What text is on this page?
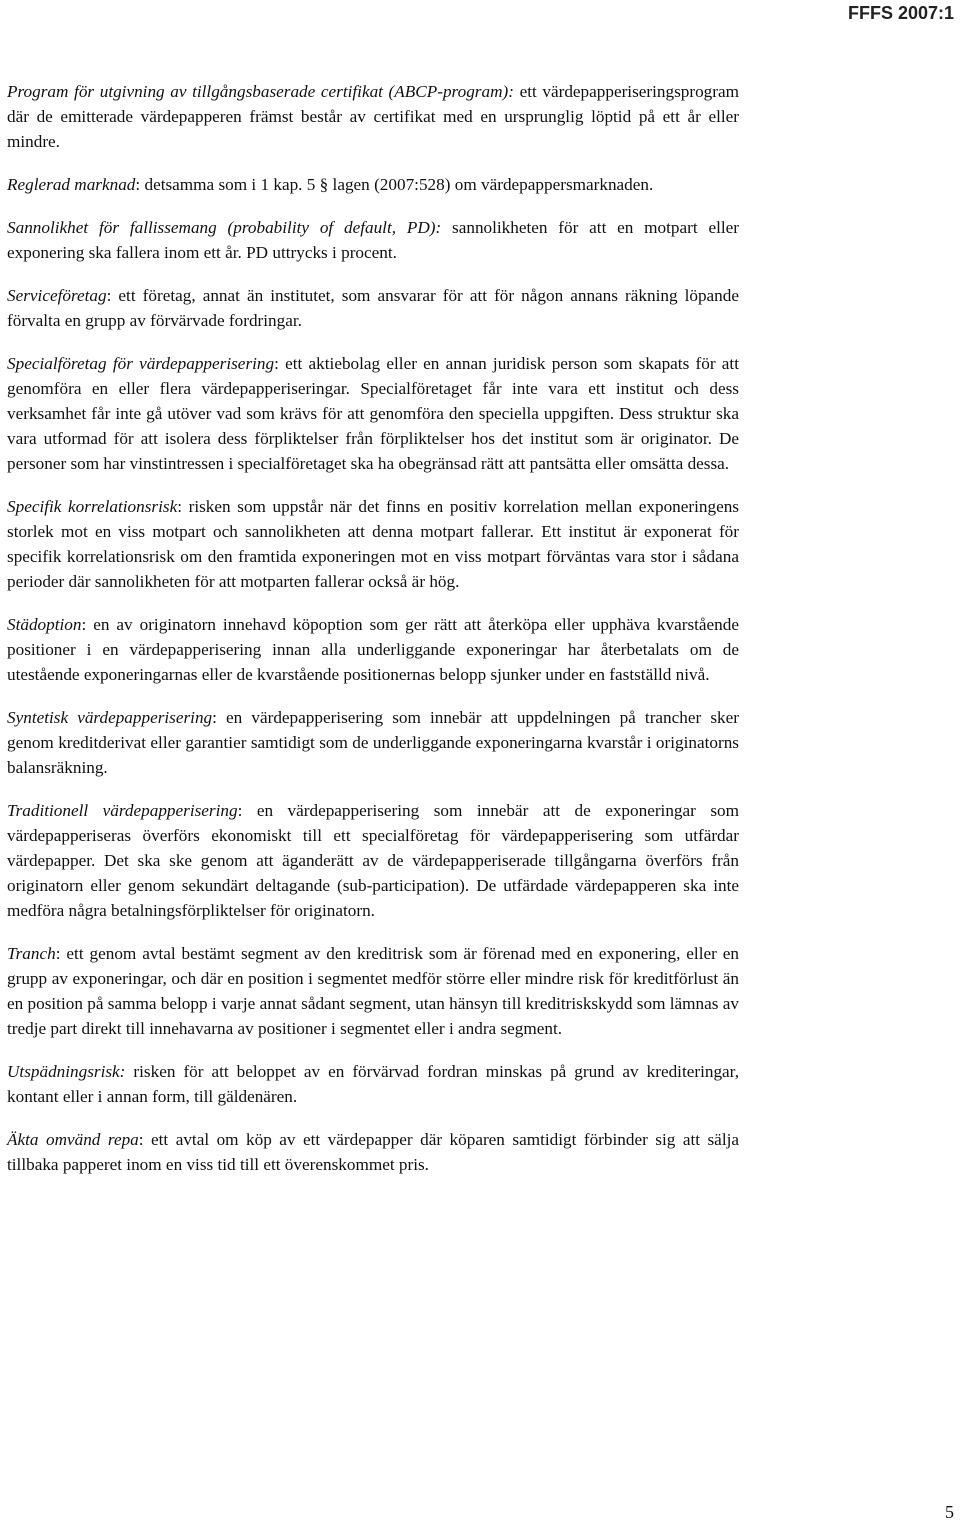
FFFS 2007:1

Program för utgivning av tillgångsbaserade certifikat (ABCP-program): ett värdepapperiseringsprogram där de emitterade värdepapperen främst består av certifikat med en ursprunglig löptid på ett år eller mindre.

Reglerad marknad: detsamma som i 1 kap. 5 § lagen (2007:528) om värdepappersmarknaden.

Sannolikhet för fallissemang (probability of default, PD): sannolikheten för att en motpart eller exponering ska fallera inom ett år. PD uttrycks i procent.

Serviceföretag: ett företag, annat än institutet, som ansvarar för att för någon annans räkning löpande förvalta en grupp av förvärvade fordringar.

Specialföretag för värdepapperisering: ett aktiebolag eller en annan juridisk person som skapats för att genomföra en eller flera värdepapperiseringar. Specialföretaget får inte vara ett institut och dess verksamhet får inte gå utöver vad som krävs för att genomföra den speciella uppgiften. Dess struktur ska vara utformad för att isolera dess förpliktelser från förpliktelser hos det institut som är originator. De personer som har vinstintressen i specialföretaget ska ha obegränsad rätt att pantsätta eller omsätta dessa.

Specifik korrelationsrisk: risken som uppstår när det finns en positiv korrelation mellan exponeringens storlek mot en viss motpart och sannolikheten att denna motpart fallerar. Ett institut är exponerat för specifik korrelationsrisk om den framtida exponeringen mot en viss motpart förväntas vara stor i sådana perioder där sannolikheten för att motparten fallerar också är hög.

Städoption: en av originatorn innehavd köpoption som ger rätt att återköpa eller upphäva kvarstående positioner i en värdepapperisering innan alla underliggande exponeringar har återbetalats om de utestående exponeringarnas eller de kvarstående positionernas belopp sjunker under en fastställd nivå.

Syntetisk värdepapperisering: en värdepapperisering som innebär att uppdelningen på trancher sker genom kreditderivat eller garantier samtidigt som de underliggande exponeringarna kvarstår i originatorns balansräkning.

Traditionell värdepapperisering: en värdepapperisering som innebär att de exponeringar som värdepapperiseras överförs ekonomiskt till ett specialföretag för värdepapperisering som utfärdar värdepapper. Det ska ske genom att äganderätt av de värdepapperiserade tillgångarna överförs från originatorn eller genom sekundärt deltagande (sub-participation). De utfärdade värdepapperen ska inte medföra några betalningsförpliktelser för originatorn.

Tranch: ett genom avtal bestämt segment av den kreditrisk som är förenad med en exponering, eller en grupp av exponeringar, och där en position i segmentet medför större eller mindre risk för kreditförlust än en position på samma belopp i varje annat sådant segment, utan hänsyn till kreditriskskydd som lämnas av tredje part direkt till innehavarna av positioner i segmentet eller i andra segment.

Utspädningsrisk: risken för att beloppet av en förvärvad fordran minskas på grund av krediteringar, kontant eller i annan form, till gäldenären.

Äkta omvänd repa: ett avtal om köp av ett värdepapper där köparen samtidigt förbinder sig att sälja tillbaka papperet inom en viss tid till ett överenskommet pris.

5
